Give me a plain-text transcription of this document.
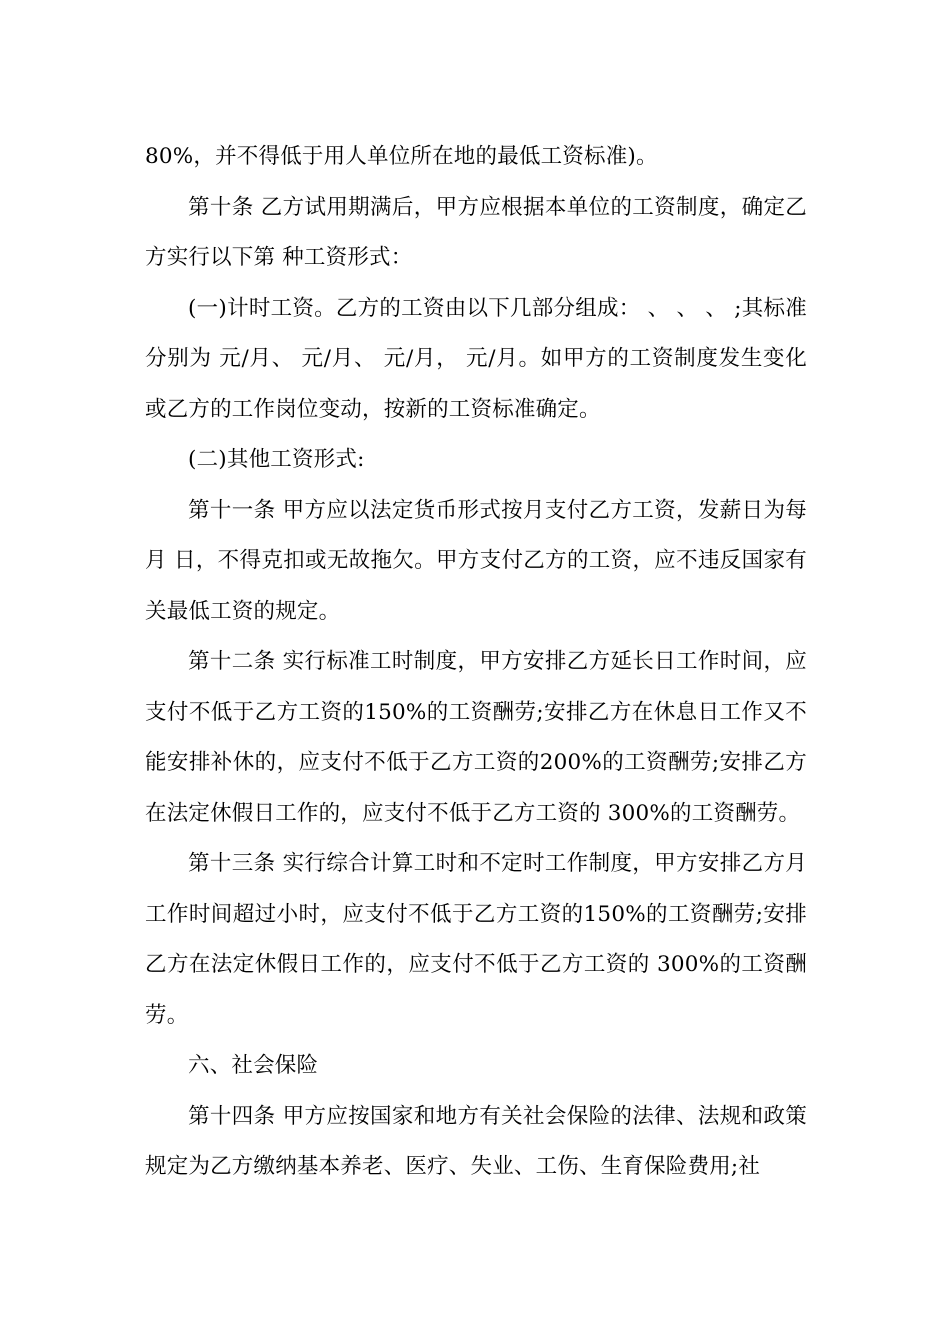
80%，并不得低于用人单位所在地的最低工资标准)。

第十条 乙方试用期满后，甲方应根据本单位的工资制度，确定乙方实行以下第 种工资形式：

(一)计时工资。乙方的工资由以下几部分组成： 、 、 、 ;其标准分别为 元/月、 元/月、 元/月， 元/月。如甲方的工资制度发生变化或乙方的工作岗位变动，按新的工资标准确定。

(二)其他工资形式:

第十一条 甲方应以法定货币形式按月支付乙方工资，发薪日为每月 日，不得克扣或无故拖欠。甲方支付乙方的工资，应不违反国家有关最低工资的规定。

第十二条 实行标准工时制度，甲方安排乙方延长日工作时间，应支付不低于乙方工资的150%的工资酬劳;安排乙方在休息日工作又不能安排补休的，应支付不低于乙方工资的200%的工资酬劳;安排乙方在法定休假日工作的，应支付不低于乙方工资的 300%的工资酬劳。

第十三条 实行综合计算工时和不定时工作制度，甲方安排乙方月工作时间超过小时，应支付不低于乙方工资的150%的工资酬劳;安排乙方在法定休假日工作的，应支付不低于乙方工资的 300%的工资酬劳。

六、社会保险

第十四条 甲方应按国家和地方有关社会保险的法律、法规和政策规定为乙方缴纳基本养老、医疗、失业、工伤、生育保险费用;社
